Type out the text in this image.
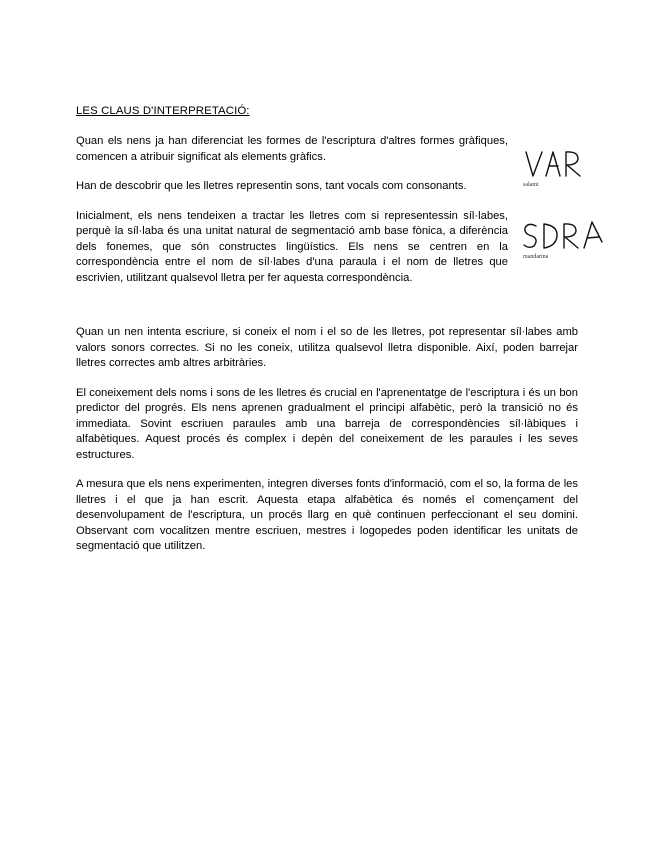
LES CLAUS D'INTERPRETACIÓ:

Quan els nens ja han diferenciat les formes de l'escriptura d'altres formes gràfiques, comencen a atribuir significat als elements gràfics.

Han de descobrir que les lletres representin sons, tant vocals com consonants.

Inicialment, els nens tendeixen a tractar les lletres com si representessin síl·labes, perquè la síl·laba és una unitat natural de segmentació amb base fònica, a diferència dels fonemes, que són constructes lingüístics. Els nens se centren en la correspondència entre el nom de síl·labes d'una paraula i el nom de lletres que escrivien, utilitzant qualsevol lletra per fer aquesta correspondència.

salami
mandarina

Quan un nen intenta escriure, si coneix el nom i el so de les lletres, pot representar síl·labes amb valors sonors correctes. Si no les coneix, utilitza qualsevol lletra disponible. Així, poden barrejar lletres correctes amb altres arbitràries.

El coneixement dels noms i sons de les lletres és crucial en l'aprenentatge de l'escriptura i és un bon predictor del progrés. Els nens aprenen gradualment el principi alfabètic, però la transició no és immediata. Sovint escriuen paraules amb una barreja de correspondències síl·làbiques i alfabètiques. Aquest procés és complex i depèn del coneixement de les paraules i les seves estructures.

A mesura que els nens experimenten, integren diverses fonts d'informació, com el so, la forma de les lletres i el que ja han escrit. Aquesta etapa alfabètica és només el començament del desenvolupament de l'escriptura, un procés llarg en què continuen perfeccionant el seu domini. Observant com vocalitzen mentre escriuen, mestres i logopedes poden identificar les unitats de segmentació que utilitzen.
